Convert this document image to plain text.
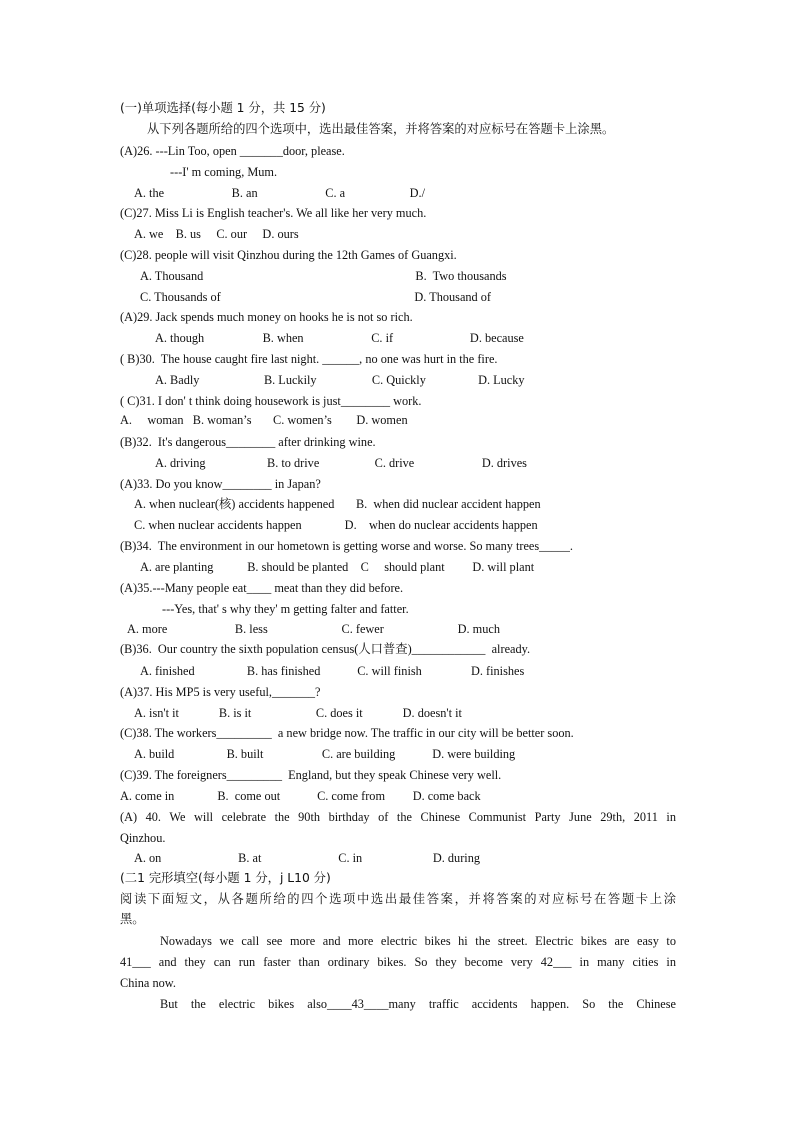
(一)单项选择(每小题 1 分，共 15 分)
从下列各题所给的四个选项中，选出最佳答案，并将答案的对应标号在答题卡上涂黑。
(A)26. ---Lin Too, open _______door, please.
---I' m coming, Mum.
A. the                      B. an                      C. a                     D./
(C)27. Miss Li is English teacher's. We all like her very much.
A. we    B. us     C. our     D. ours
(C)28. people will visit Qinzhou during the 12th Games of Guangxi.
A. Thousand                                                                     B.  Two thousands
C. Thousands of                                                               D. Thousand of
(A)29. Jack spends much money on hooks he is not so rich.
A. though                   B. when                      C. if                         D. because
( B)30.  The house caught fire last night. ______, no one was hurt in the fire.
A. Badly                     B. Luckily                  C. Quickly                 D. Lucky
( C)31. I don' t think doing housework is just________ work.
A.     woman   B. woman’s       C. women’s        D. women
(B)32.  It's dangerous________ after drinking wine.
A. driving                    B. to drive                  C. drive                      D. drives
(A)33. Do you know________ in Japan?
A. when nuclear(核) accidents happened       B.  when did nuclear accident happen
C. when nuclear accidents happen              D.    when do nuclear accidents happen
(B)34.  The environment in our hometown is getting worse and worse. So many trees_____.
A. are planting           B. should be planted    C     should plant         D. will plant
(A)35.---Many people eat____ meat than they did before.
---Yes, that' s why they' m getting falter and fatter.
A. more                      B. less                        C. fewer                        D. much
(B)36.  Our country the sixth population census(人口普查)____________  already.
A. finished                 B. has finished            C. will finish                D. finishes
(A)37. His MP5 is very useful,_______?
A. isn't it             B. is it                     C. does it             D. doesn't it
(C)38. The workers_________  a new bridge now. The traffic in our city will be better soon.
A. build                 B. built                   C. are building            D. were building
(C)39. The foreigners_________  England, but they speak Chinese very well.
A. come in              B.  come out            C. come from         D. come back
(A) 40. We will celebrate the 90th birthday of the Chinese Communist Party June 29th, 2011 in
Qinzhou.
A. on                         B. at                         C. in                       D. during
(二1 完形填空(每小题 1 分，j L10 分)
阅读下面短文，从各题所给的四个选项中选出最佳答案，并将答案的对应标号在答题卡上涂
黑。
Nowadays we call see more and more electric bikes hi the street. Electric bikes are easy to
41___ and they can run faster than ordinary bikes. So they become very 42___ in many cities in
China now.
But the electric bikes also____43____many traffic accidents happen. So the Chinese
